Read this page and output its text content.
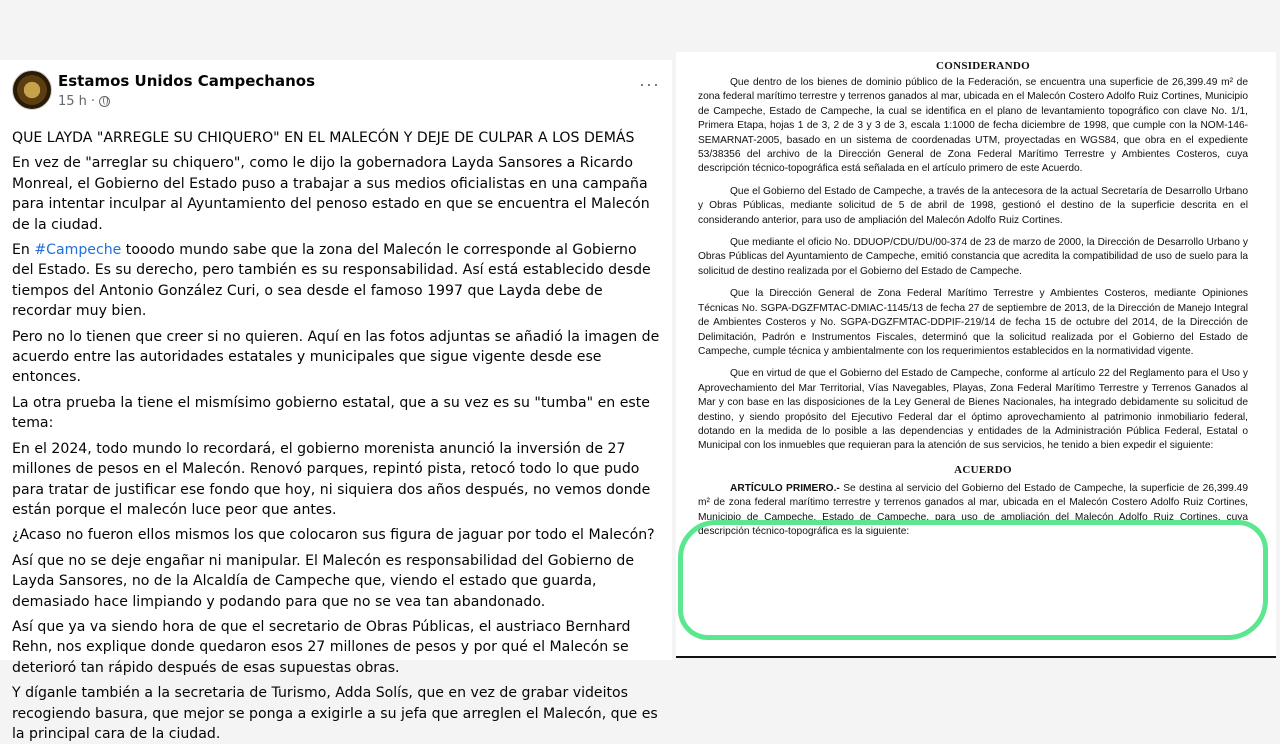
Estamos Unidos Campechanos
15 h ·
···

QUE LAYDA "ARREGLE SU CHIQUERO" EN EL MALECÓN Y DEJE DE CULPAR A LOS DEMÁS

En vez de "arreglar su chiquero", como le dijo la gobernadora Layda Sansores a Ricardo Monreal, el Gobierno del Estado puso a trabajar a sus medios oficialistas en una campaña para intentar inculpar al Ayuntamiento del penoso estado en que se encuentra el Malecón de la ciudad.

En #Campeche tooodo mundo sabe que la zona del Malecón le corresponde al Gobierno del Estado. Es su derecho, pero también es su responsabilidad. Así está establecido desde tiempos del Antonio González Curi, o sea desde el famoso 1997 que Layda debe de recordar muy bien.

Pero no lo tienen que creer si no quieren. Aquí en las fotos adjuntas se añadió la imagen de acuerdo entre las autoridades estatales y municipales que sigue vigente desde ese entonces.

La otra prueba la tiene el mismísimo gobierno estatal, que a su vez es su "tumba" en este tema:

En el 2024, todo mundo lo recordará, el gobierno morenista anunció la inversión de 27 millones de pesos en el Malecón. Renovó parques, repintó pista, retocó todo lo que pudo para tratar de justificar ese fondo que hoy, ni siquiera dos años después, no vemos donde están porque el malecón luce peor que antes.

¿Acaso no fueron ellos mismos los que colocaron sus figura de jaguar por todo el Malecón?

Así que no se deje engañar ni manipular. El Malecón es responsabilidad del Gobierno de Layda Sansores, no de la Alcaldía de Campeche que, viendo el estado que guarda, demasiado hace limpiando y podando para que no se vea tan abandonado.

Así que ya va siendo hora de que el secretario de Obras Públicas, el austriaco Bernhard Rehn, nos explique donde quedaron esos 27 millones de pesos y por qué el Malecón se deterioró tan rápido después de esas supuestas obras.

Y díganle también a la secretaria de Turismo, Adda Solís, que en vez de grabar videitos recogiendo basura, que mejor se ponga a exigirle a su jefa que arreglen el Malecón, que es la principal cara de la ciudad.

CONSIDERANDO

Que dentro de los bienes de dominio público de la Federación, se encuentra una superficie de 26,399.49 m² de zona federal marítimo terrestre y terrenos ganados al mar, ubicada en el Malecón Costero Adolfo Ruiz Cortines, Municipio de Campeche, Estado de Campeche, la cual se identifica en el plano de levantamiento topográfico con clave No. 1/1, Primera Etapa, hojas 1 de 3, 2 de 3 y 3 de 3, escala 1:1000 de fecha diciembre de 1998, que cumple con la NOM-146-SEMARNAT-2005, basado en un sistema de coordenadas UTM, proyectadas en WGS84, que obra en el expediente 53/38356 del archivo de la Dirección General de Zona Federal Marítimo Terrestre y Ambientes Costeros, cuya descripción técnico-topográfica está señalada en el artículo primero de este Acuerdo.

Que el Gobierno del Estado de Campeche, a través de la antecesora de la actual Secretaría de Desarrollo Urbano y Obras Públicas, mediante solicitud de 5 de abril de 1998, gestionó el destino de la superficie descrita en el considerando anterior, para uso de ampliación del Malecón Adolfo Ruiz Cortines.

Que mediante el oficio No. DDUOP/CDU/DU/00-374 de 23 de marzo de 2000, la Dirección de Desarrollo Urbano y Obras Públicas del Ayuntamiento de Campeche, emitió constancia que acredita la compatibilidad de uso de suelo para la solicitud de destino realizada por el Gobierno del Estado de Campeche.

Que la Dirección General de Zona Federal Marítimo Terrestre y Ambientes Costeros, mediante Opiniones Técnicas No. SGPA-DGZFMTAC-DMIAC-1145/13 de fecha 27 de septiembre de 2013, de la Dirección de Manejo Integral de Ambientes Costeros y No. SGPA-DGZFMTAC-DDPIF-219/14 de fecha 15 de octubre del 2014, de la Dirección de Delimitación, Padrón e Instrumentos Fiscales, determinó que la solicitud realizada por el Gobierno del Estado de Campeche, cumple técnica y ambientalmente con los requerimientos establecidos en la normatividad vigente.

Que en virtud de que el Gobierno del Estado de Campeche, conforme al artículo 22 del Reglamento para el Uso y Aprovechamiento del Mar Territorial, Vías Navegables, Playas, Zona Federal Marítimo Terrestre y Terrenos Ganados al Mar y con base en las disposiciones de la Ley General de Bienes Nacionales, ha integrado debidamente su solicitud de destino, y siendo propósito del Ejecutivo Federal dar el óptimo aprovechamiento al patrimonio inmobiliario federal, dotando en la medida de lo posible a las dependencias y entidades de la Administración Pública Federal, Estatal o Municipal con los inmuebles que requieran para la atención de sus servicios, he tenido a bien expedir el siguiente:

ACUERDO

ARTÍCULO PRIMERO.- Se destina al servicio del Gobierno del Estado de Campeche, la superficie de 26,399.49 m² de zona federal marítimo terrestre y terrenos ganados al mar, ubicada en el Malecón Costero Adolfo Ruiz Cortines, Municipio de Campeche, Estado de Campeche, para uso de ampliación del Malecón Adolfo Ruiz Cortines, cuya descripción técnico-topográfica es la siguiente:
